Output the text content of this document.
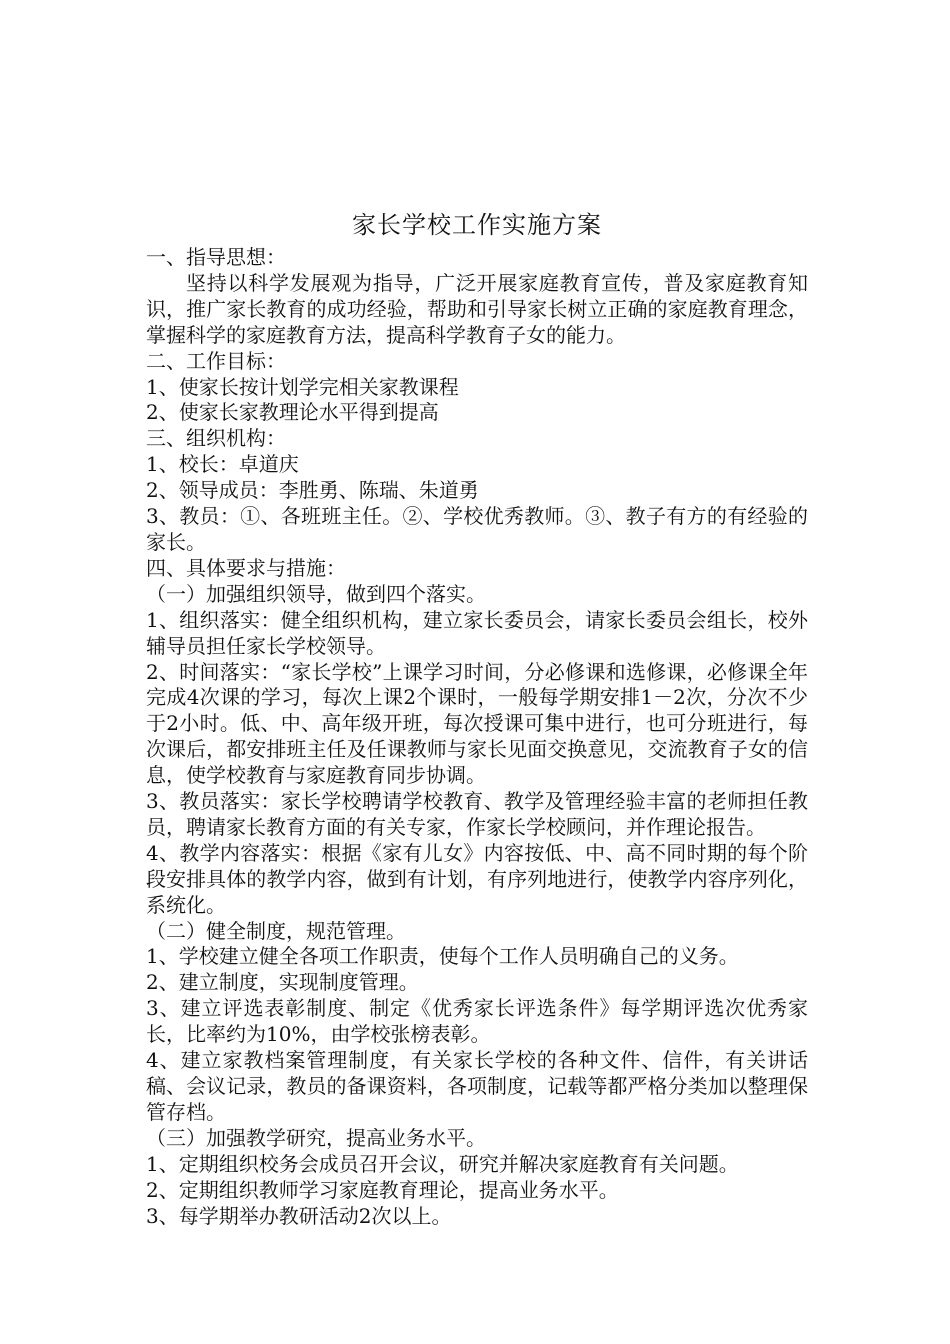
家长学校工作实施方案

一、指导思想：

坚持以科学发展观为指导，广泛开展家庭教育宣传，普及家庭教育知识，推广家长教育的成功经验，帮助和引导家长树立正确的家庭教育理念，掌握科学的家庭教育方法，提高科学教育子女的能力。

二、工作目标：

1、使家长按计划学完相关家教课程

2、使家长家教理论水平得到提高

三、组织机构：

1、校长：卓道庆

2、领导成员：李胜勇、陈瑞、朱道勇

3、教员：①、各班班主任。②、学校优秀教师。③、教子有方的有经验的家长。

四、具体要求与措施：

（一）加强组织领导，做到四个落实。

1、组织落实：健全组织机构，建立家长委员会，请家长委员会组长，校外辅导员担任家长学校领导。

2、时间落实：“家长学校”上课学习时间，分必修课和选修课，必修课全年完成4次课的学习，每次上课2个课时，一般每学期安排1－2次，分次不少于2小时。低、中、高年级开班，每次授课可集中进行，也可分班进行，每次课后，都安排班主任及任课教师与家长见面交换意见，交流教育子女的信息，使学校教育与家庭教育同步协调。

3、教员落实：家长学校聘请学校教育、教学及管理经验丰富的老师担任教员，聘请家长教育方面的有关专家，作家长学校顾问，并作理论报告。

4、教学内容落实：根据《家有儿女》内容按低、中、高不同时期的每个阶段安排具体的教学内容，做到有计划，有序列地进行，使教学内容序列化，系统化。

（二）健全制度，规范管理。

1、学校建立健全各项工作职责，使每个工作人员明确自己的义务。

2、建立制度，实现制度管理。

3、建立评选表彰制度、制定《优秀家长评选条件》每学期评选次优秀家长，比率约为10%，由学校张榜表彰。

4、建立家教档案管理制度，有关家长学校的各种文件、信件，有关讲话稿、会议记录，教员的备课资料，各项制度，记载等都严格分类加以整理保管存档。

（三）加强教学研究，提高业务水平。

1、定期组织校务会成员召开会议，研究并解决家庭教育有关问题。

2、定期组织教师学习家庭教育理论，提高业务水平。

3、每学期举办教研活动2次以上。
